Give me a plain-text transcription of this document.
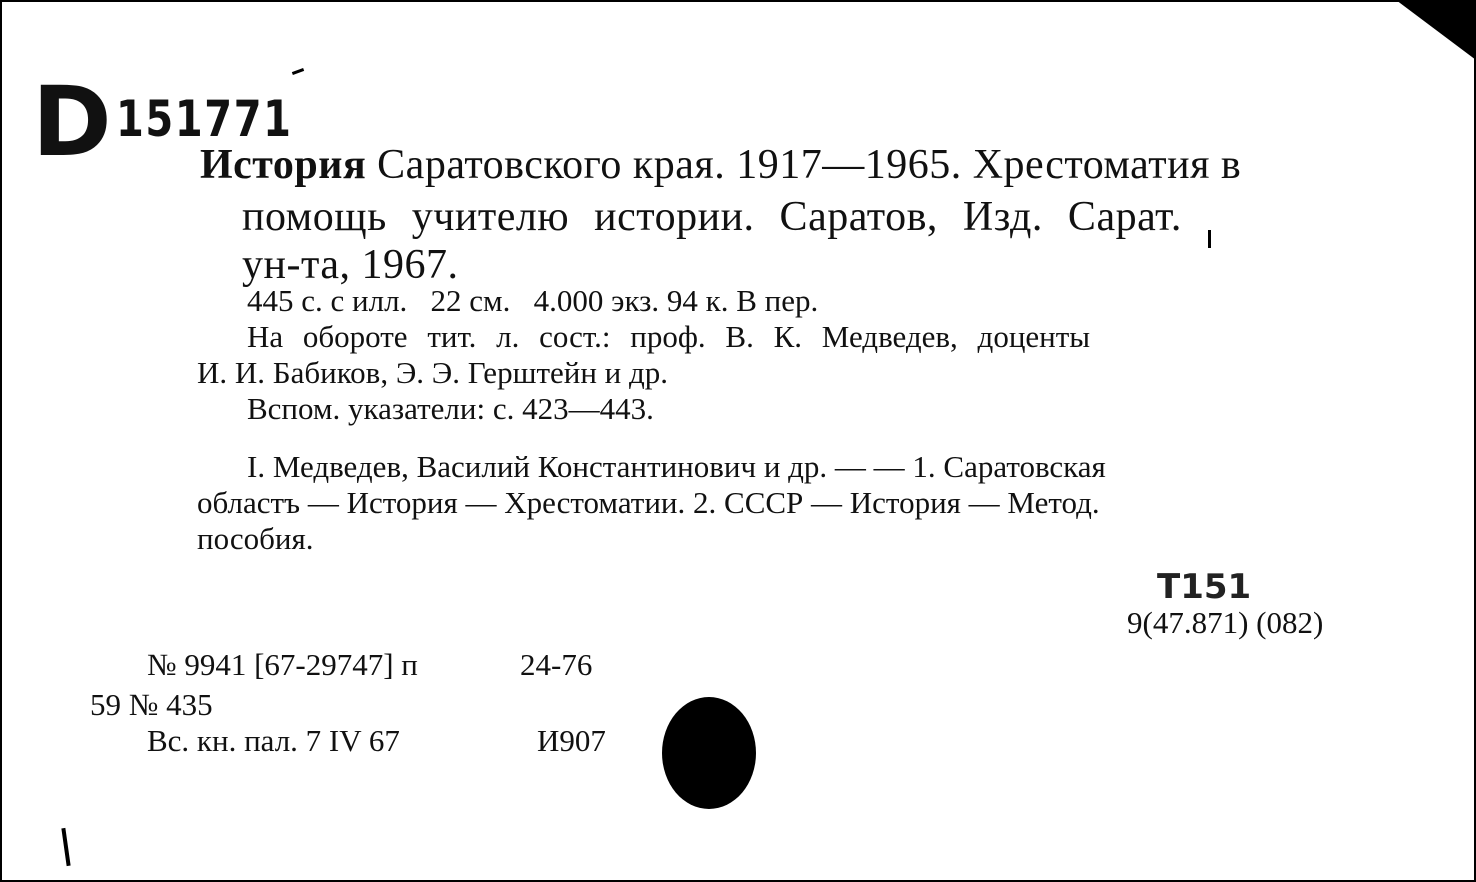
D 151771
История Саратовского края. 1917—1965. Хрестоматия в
помощь учителю истории. Саратов, Изд. Сарат.
ун-та, 1967.
445 с. с илл.   22 см.   4.000 экз. 94 к. В пер.
На обороте тит. л. сост.: проф. В. К. Медведев, доценты
И. И. Бабиков, Э. Э. Герштейн и др.
Вспом. указатели: с. 423—443.
I. Медведев, Василий Константинович и др. — — 1. Саратовская
областъ — История — Хрестоматии. 2. СССР — История — Метод.
пособия.
Т151
9(47.871) (082)
№ 9941 [67-29747] п	24-76
59 № 435
Вс. кн. пал. 7 IV 67	И907
